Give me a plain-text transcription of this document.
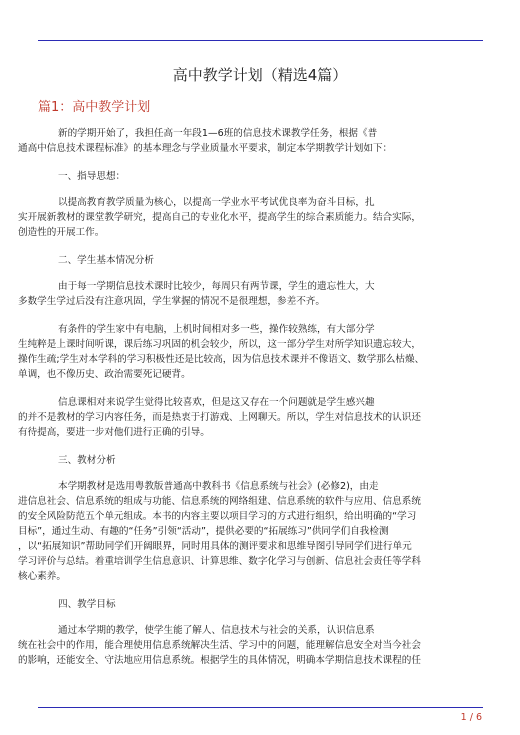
高中教学计划（精选4篇）
篇1：高中教学计划
新的学期开始了，我担任高一年段1—6班的信息技术课教学任务，根据《普
通高中信息技术课程标准》的基本理念与学业质量水平要求，制定本学期教学计划如下：
一、指导思想：
以提高教育教学质量为核心，以提高一学业水平考试优良率为奋斗目标，扎
实开展新教材的课堂教学研究，提高自己的专业化水平，提高学生的综合素质能力。结合实际，
创造性的开展工作。
二、学生基本情况分析
由于每一学期信息技术课时比较少，每周只有两节课，学生的遗忘性大，大
多数学生学过后没有注意巩固，学生掌握的情况不是很理想，参差不齐。
有条件的学生家中有电脑，上机时间相对多一些，操作较熟练，有大部分学
生纯粹是上课时间听课，课后练习巩固的机会较少，所以，这一部分学生对所学知识遗忘较大，
操作生疏;学生对本学科的学习积极性还是比较高，因为信息技术课并不像语文、数学那么枯燥、
单调，也不像历史、政治需要死记硬背。
信息课相对来说学生觉得比较喜欢，但是这又存在一个问题就是学生感兴趣
的并不是教材的学习内容任务，而是热衷于打游戏、上网聊天。所以，学生对信息技术的认识还
有待提高，要进一步对他们进行正确的引导。
三、教材分析
本学期教材是选用粤教版普通高中教科书《信息系统与社会》(必修2)，由走
进信息社会、信息系统的组成与功能、信息系统的网络组建、信息系统的软件与应用、信息系统
的安全风险防范五个单元组成。本书的内容主要以项目学习的方式进行组织，给出明确的“学习
目标”，通过生动、有趣的“任务”引领“活动”，提供必要的“拓展练习”供同学们自我检测
，以“拓展知识”帮助同学们开阔眼界，同时用具体的测评要求和思维导图引导同学们进行单元
学习评价与总结。着重培训学生信息意识、计算思维、数字化学习与创新、信息社会责任等学科
核心素养。
四、教学目标
通过本学期的教学，使学生能了解人、信息技术与社会的关系，认识信息系
统在社会中的作用，能合理使用信息系统解决生活、学习中的问题，能理解信息安全对当今社会
的影响，还能安全、守法地应用信息系统。根据学生的具体情况，明确本学期信息技术课程的任
1 / 6
